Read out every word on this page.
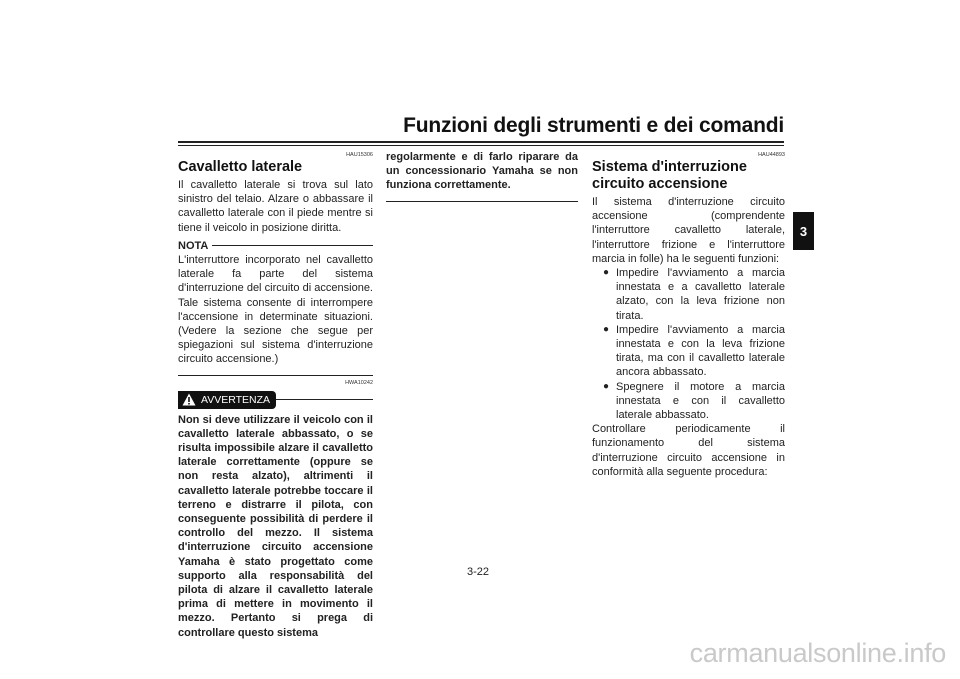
Funzioni degli strumenti e dei comandi
3
HAU15306
Cavalletto laterale

Il cavalletto laterale si trova sul lato sinistro del telaio. Alzare o abbassare il cavalletto laterale con il piede mentre si tiene il veicolo in posizione diritta.

NOTA

L'interruttore incorporato nel cavalletto laterale fa parte del sistema d'interruzione del circuito di accensione. Tale sistema consente di interrompere l'accensione in determinate situazioni. (Vedere la sezione che segue per spiegazioni sul sistema d'interruzione circuito accensione.)

HWA10242
AVVERTENZA

Non si deve utilizzare il veicolo con il cavalletto laterale abbassato, o se risulta impossibile alzare il cavalletto laterale correttamente (oppure se non resta alzato), altrimenti il cavalletto laterale potrebbe toccare il terreno e distrarre il pilota, con conseguente possibilità di perdere il controllo del mezzo. Il sistema d'interruzione circuito accensione Yamaha è stato progettato come supporto alla responsabilità del pilota di alzare il cavalletto laterale prima di mettere in movimento il mezzo. Pertanto si prega di controllare questo sistema

regolarmente e di farlo riparare da un concessionario Yamaha se non funziona correttamente.

HAU44893
Sistema d'interruzione circuito accensione

Il sistema d'interruzione circuito accensione (comprendente l'interruttore cavalletto laterale, l'interruttore frizione e l'interruttore marcia in folle) ha le seguenti funzioni:

● Impedire l'avviamento a marcia innestata e a cavalletto laterale alzato, con la leva frizione non tirata.
● Impedire l'avviamento a marcia innestata e con la leva frizione tirata, ma con il cavalletto laterale ancora abbassato.
● Spegnere il motore a marcia innestata e con il cavalletto laterale abbassato.

Controllare periodicamente il funzionamento del sistema d'interruzione circuito accensione in conformità alla seguente procedura:

3-22
carmanualsonline.info
